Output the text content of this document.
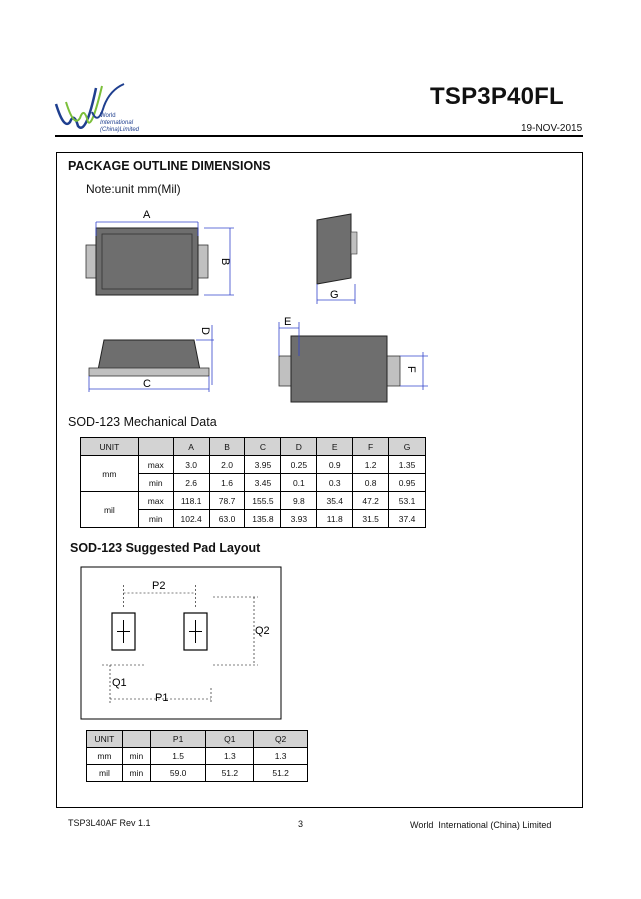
World
International
(China)Limited
TSP3P40FL
19-NOV-2015
PACKAGE OUTLINE DIMENSIONS
Note:unit mm(Mil)
A
B
G
C
D
E
F
SOD-123 Mechanical Data
UNIT		A	B	C	D	E	F	G
mm	max	3.0	2.0	3.95	0.25	0.9	1.2	1.35
	min	2.6	1.6	3.45	0.1	0.3	0.8	0.95
mil	max	118.1	78.7	155.5	9.8	35.4	47.2	53.1
	min	102.4	63.0	135.8	3.93	11.8	31.5	37.4
SOD-123 Suggested Pad Layout
P2
Q2
Q1
P1
UNIT		P1	Q1	Q2
mm	min	1.5	1.3	1.3
mil	min	59.0	51.2	51.2
TSP3L40AF Rev 1.1	3	World  International (China) Limited
